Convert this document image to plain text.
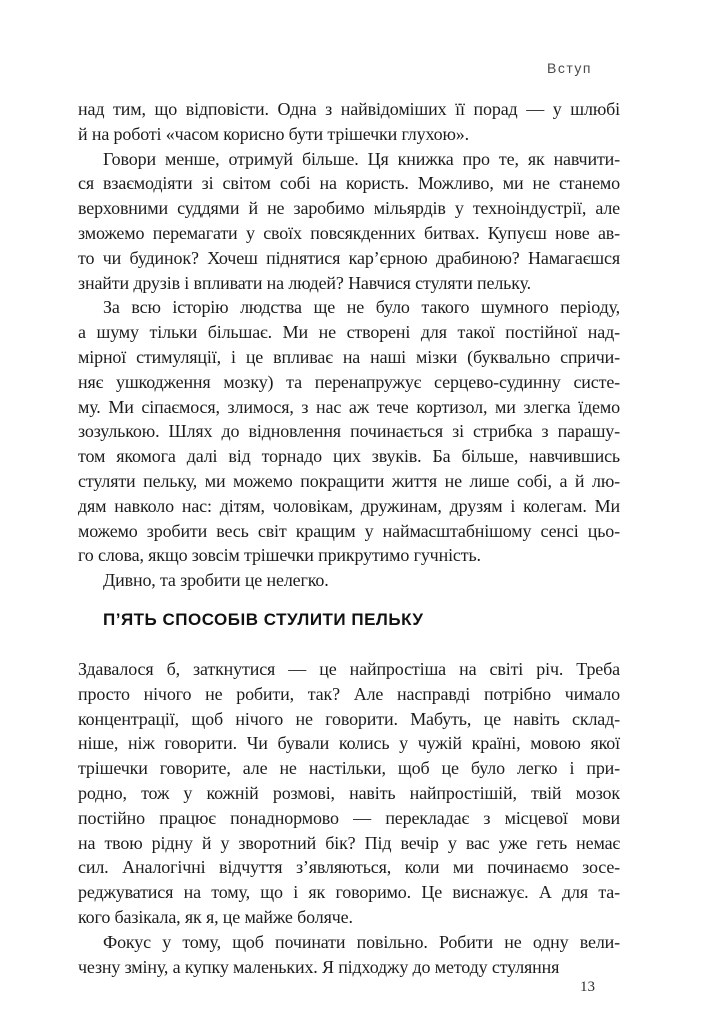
Вступ
над тим, що відповісти. Одна з найвідоміших її порад — у шлюбі
й на роботі «часом корисно бути трішечки глухою».
Говори менше, отримуй більше. Ця книжка про те, як навчити-
ся взаємодіяти зі світом собі на користь. Можливо, ми не станемо
верховними суддями й не заробимо мільярдів у техноіндустрії, але
зможемо перемагати у своїх повсякденних битвах. Купуєш нове ав-
то чи будинок? Хочеш піднятися кар’єрною драбиною? Намагаєшся
знайти друзів і впливати на людей? Навчися стуляти пельку.
За всю історію людства ще не було такого шумного періоду,
а шуму тільки більшає. Ми не створені для такої постійної над-
мірної стимуляції, і це впливає на наші мізки (буквально спричи-
няє ушкодження мозку) та перенапружує серцево-судинну систе-
му. Ми сіпаємося, злимося, з нас аж тече кортизол, ми злегка їдемо
зозулькою. Шлях до відновлення починається зі стрибка з парашу-
том якомога далі від торнадо цих звуків. Ба більше, навчившись
стуляти пельку, ми можемо покращити життя не лише собі, а й лю-
дям навколо нас: дітям, чоловікам, дружинам, друзям і колегам. Ми
можемо зробити весь світ кращим у наймасштабнішому сенсі цьо-
го слова, якщо зовсім трішечки прикрутимо гучність.
Дивно, та зробити це нелегко.
П’ЯТЬ СПОСОБІВ СТУЛИТИ ПЕЛЬКУ
Здавалося б, заткнутися — це найпростіша на світі річ. Треба
просто нічого не робити, так? Але насправді потрібно чимало
концентрації, щоб нічого не говорити. Мабуть, це навіть склад-
ніше, ніж говорити. Чи бували колись у чужій країні, мовою якої
трішечки говорите, але не настільки, щоб це було легко і при-
родно, тож у кожній розмові, навіть найпростішій, твій мозок
постійно працює понаднормово — перекладає з місцевої мови
на твою рідну й у зворотний бік? Під вечір у вас уже геть немає
сил. Аналогічні відчуття з’являються, коли ми починаємо зосе-
реджуватися на тому, що і як говоримо. Це виснажує. А для та-
кого базікала, як я, це майже боляче.
Фокус у тому, щоб починати повільно. Робити не одну вели-
чезну зміну, а купку маленьких. Я підходжу до методу стуляння
13
